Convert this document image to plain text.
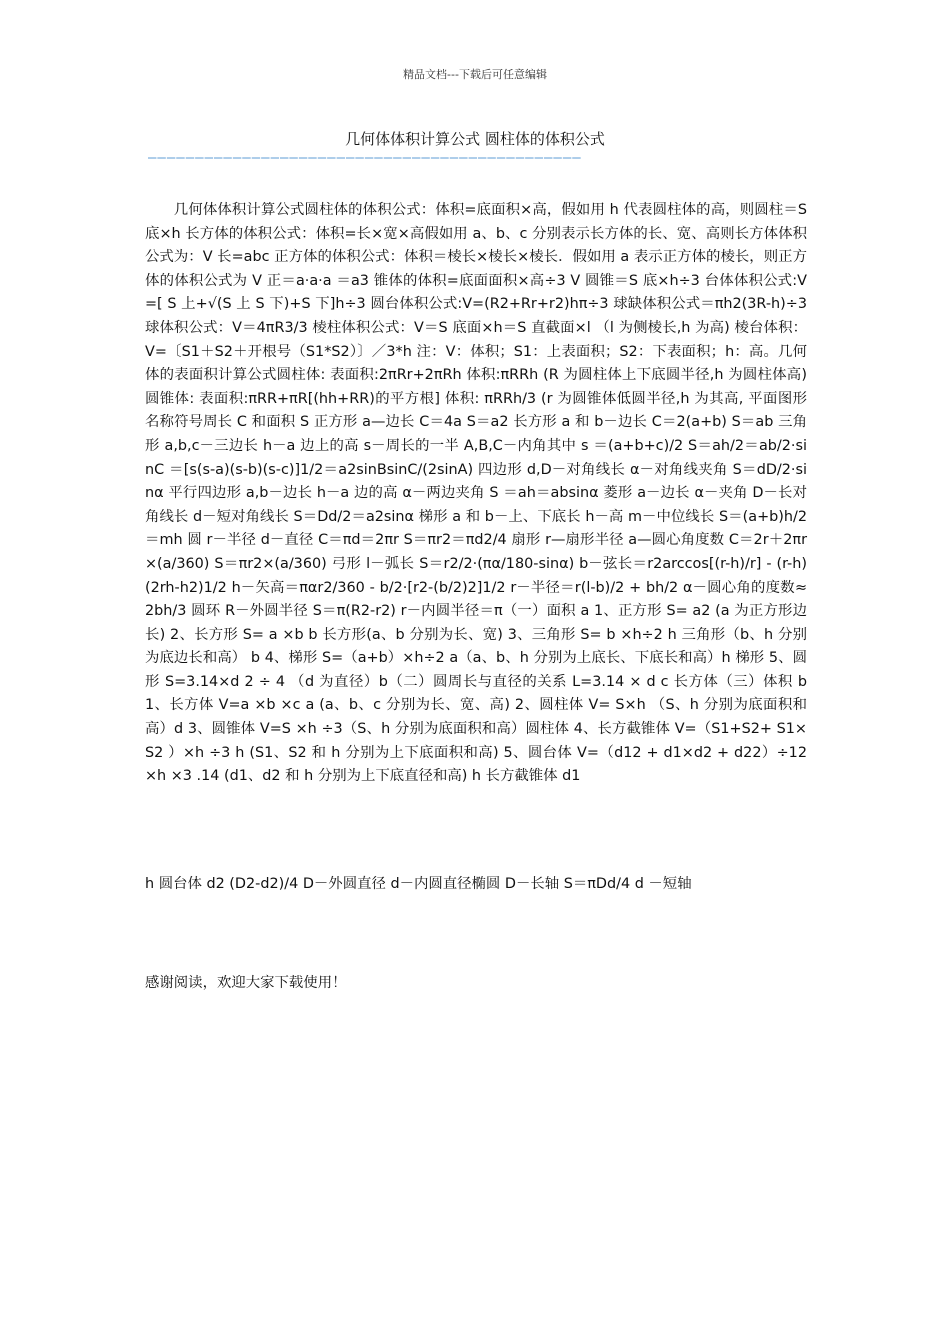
精品文档---下载后可任意编辑
几何体体积计算公式 圆柱体的体积公式
——————————————————————————————————————————————

几何体体积计算公式圆柱体的体积公式：体积=底面积×高，假如用 h 代表圆柱体的高，则圆柱＝S 底×h 长方体的体积公式：体积=长×宽×高假如用 a、b、c 分别表示长方体的长、宽、高则长方体体积公式为：V 长=abc 正方体的体积公式：体积＝棱长×棱长×棱长．假如用 a 表示正方体的棱长，则正方体的体积公式为 V 正＝a·a·a ＝a3 锥体的体积=底面面积×高÷3 V 圆锥＝S 底×h÷3 台体体积公式:V=[ S 上+√(S 上 S 下)+S 下]h÷3 圆台体积公式:V=(R2+Rr+r2)hπ÷3 球缺体积公式＝πh2(3R-h)÷3 球体积公式：V＝4πR3/3 棱柱体积公式：V＝S 底面×h＝S 直截面×l （l 为侧棱长,h 为高) 棱台体积：V=〔S1＋S2＋开根号（S1*S2）〕／3*h 注：V：体积；S1：上表面积；S2：下表面积；h：高。几何体的表面积计算公式圆柱体: 表面积:2πRr+2πRh 体积:πRRh (R 为圆柱体上下底圆半径,h 为圆柱体高) 圆锥体: 表面积:πRR+πR[(hh+RR)的平方根] 体积: πRRh/3 (r 为圆锥体低圆半径,h 为其高, 平面图形名称符号周长 C 和面积 S 正方形 a—边长 C＝4a S＝a2 长方形 a 和 b－边长 C＝2(a+b) S＝ab 三角形 a,b,c－三边长 h－a 边上的高 s－周长的一半 A,B,C－内角其中 s ＝(a+b+c)/2 S＝ah/2＝ab/2·sinC ＝[s(s-a)(s-b)(s-c)]1/2＝a2sinBsinC/(2sinA) 四边形 d,D－对角线长 α－对角线夹角 S＝dD/2·sinα 平行四边形 a,b－边长 h－a 边的高 α－两边夹角 S ＝ah＝absinα 菱形 a－边长 α－夹角 D－长对角线长 d－短对角线长 S＝Dd/2＝a2sinα 梯形 a 和 b－上、下底长 h－高 m－中位线长 S＝(a+b)h/2＝mh 圆 r－半径 d－直径 C＝πd＝2πr S＝πr2＝πd2/4 扇形 r—扇形半径 a—圆心角度数 C＝2r＋2πr×(a/360) S＝πr2×(a/360) 弓形 l－弧长 S＝r2/2·(πα/180-sinα) b－弦长＝r2arccos[(r-h)/r] - (r-h)(2rh-h2)1/2 h－矢高＝παr2/360 - b/2·[r2-(b/2)2]1/2 r－半径＝r(l-b)/2 + bh/2 α－圆心角的度数≈2bh/3 圆环 R－外圆半径 S＝π(R2-r2) r－内圆半径＝π（一）面积 a 1、正方形 S= a2 (a 为正方形边长) 2、长方形 S= a ×b b 长方形(a、b 分别为长、宽) 3、三角形 S= b ×h÷2 h 三角形（b、h 分别为底边长和高） b 4、梯形 S=（a+b）×h÷2 a（a、b、h 分别为上底长、下底长和高）h 梯形 5、圆形 S=3.14×d 2 ÷ 4 （d 为直径）b（二）圆周长与直径的关系 L=3.14 × d c 长方体（三）体积 b 1、长方体 V=a ×b ×c a (a、b、c 分别为长、宽、高) 2、圆柱体 V= S×h （S、h 分别为底面积和高）d 3、圆锥体 V=S ×h ÷3（S、h 分别为底面积和高）圆柱体 4、长方截锥体 V=（S1+S2+ S1×S2 ）×h ÷3 h (S1、S2 和 h 分别为上下底面积和高) 5、圆台体 V=（d12 + d1×d2 + d22）÷12 ×h ×3 .14 (d1、d2 和 h 分别为上下底直径和高) h 长方截锥体 d1

h 圆台体 d2 (D2-d2)/4 D－外圆直径 d－内圆直径椭圆 D－长轴 S＝πDd/4 d －短轴

感谢阅读，欢迎大家下载使用！
